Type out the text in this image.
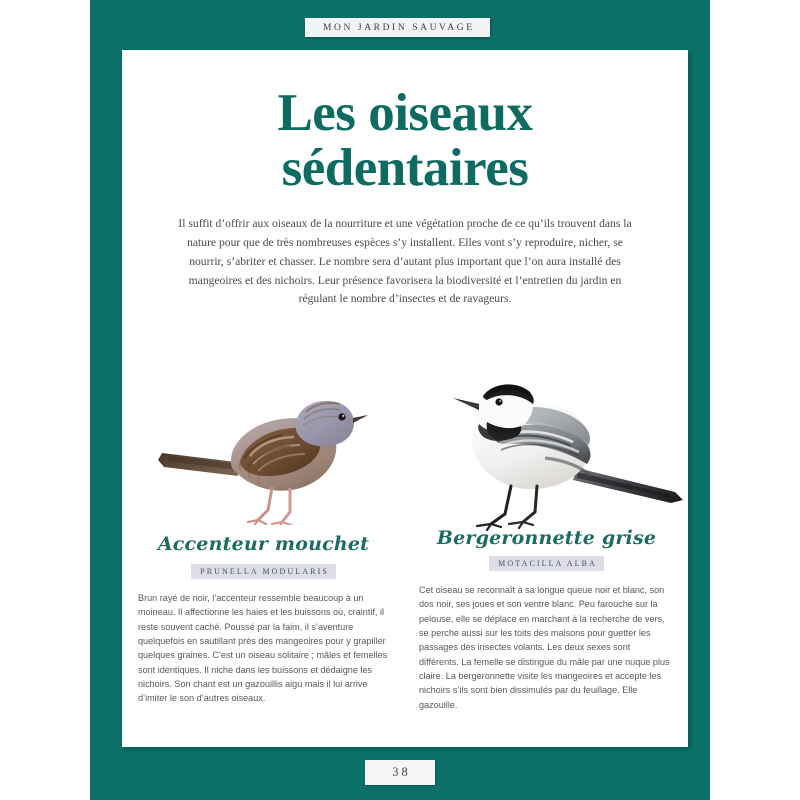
MON JARDIN SAUVAGE
Les oiseaux
sédentaires

Il suffit d’offrir aux oiseaux de la nourriture et une végétation proche de ce qu’ils trouvent dans la nature pour que de très nombreuses espèces s’y installent. Elles vont s’y reproduire, nicher, se nourrir, s’abriter et chasser. Le nombre sera d’autant plus important que l’on aura installé des mangeoires et des nichoirs. Leur présence favorisera la biodiversité et l’entretien du jardin en régulant le nombre d’insectes et de ravageurs.

Accenteur mouchet
PRUNELLA MODULARIS

Brun rayé de noir, l’accenteur ressemble beaucoup à un moineau. Il affectionne les haies et les buissons où, craintif, il reste souvent caché. Poussé par la faim, il s’aventure quelquefois en sautillant près des mangeoires pour y grapiller quelques graines. C’est un oiseau solitaire ; mâles et femelles sont identiques. Il niche dans les buissons et dédaigne les nichoirs. Son chant est un gazouillis aigu mais il lui arrive d’imiter le son d’autres oiseaux.

Bergeronnette grise
MOTACILLA ALBA

Cet oiseau se reconnaît à sa longue queue noir et blanc, son dos noir, ses joues et son ventre blanc. Peu farouche sur la pelouse, elle se déplace en marchant à la recherche de vers, se perche aussi sur les toits des maisons pour guetter les passages des insectes volants. Les deux sexes sont différents. La femelle se distingue du mâle par une nuque plus claire. La bergeronnette visite les mangeoires et accepte les nichoirs s’ils sont bien dissimulés par du feuillage. Elle gazouille.

38
